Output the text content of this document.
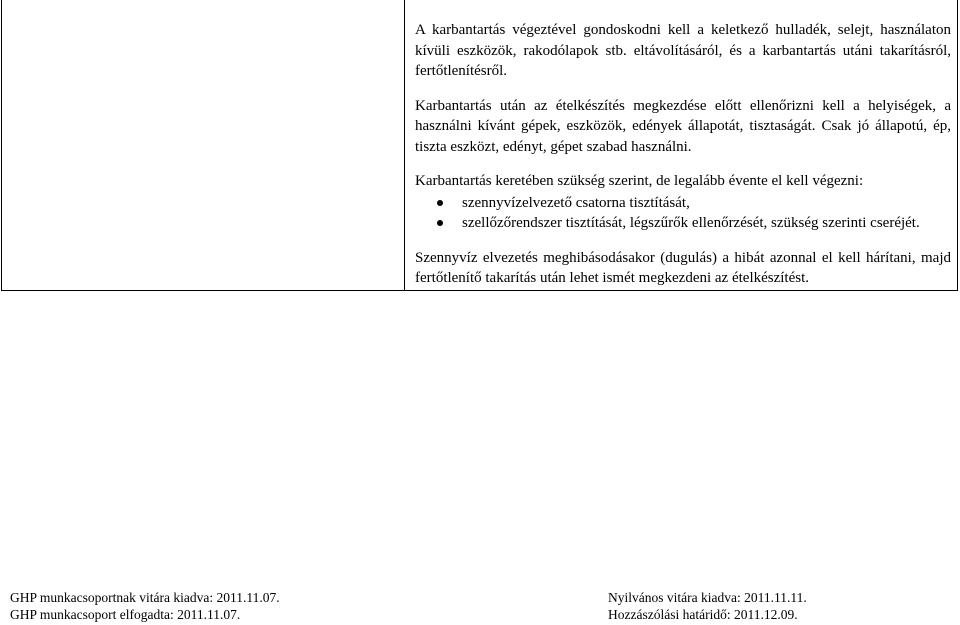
A karbantartás végeztével gondoskodni kell a keletkező hulladék, selejt, használaton kívüli eszközök, rakodólapok stb. eltávolításáról, és a karbantartás utáni takarításról, fertőtlenítésről.

Karbantartás után az ételkészítés megkezdése előtt ellenőrizni kell a helyiségek, a használni kívánt gépek, eszközök, edények állapotát, tisztaságát. Csak jó állapotú, ép, tiszta eszközt, edényt, gépet szabad használni.

Karbantartás keretében szükség szerint, de legalább évente el kell végezni:

szennyvízelvezető csatorna tisztítását,
szellőzőrendszer tisztítását, légszűrők ellenőrzését, szükség szerinti cseréjét.

Szennyvíz elvezetés meghibásodásakor (dugulás) a hibát azonnal el kell hárítani, majd fertőtlenítő takarítás után lehet ismét megkezdeni az ételkészítést.

GHP munkacsoportnak vitára kiadva: 2011.11.07.
GHP munkacsoport elfogadta: 2011.11.07.
Nyilvános vitára kiadva: 2011.11.11.
Hozzászólási határidő: 2011.12.09.
